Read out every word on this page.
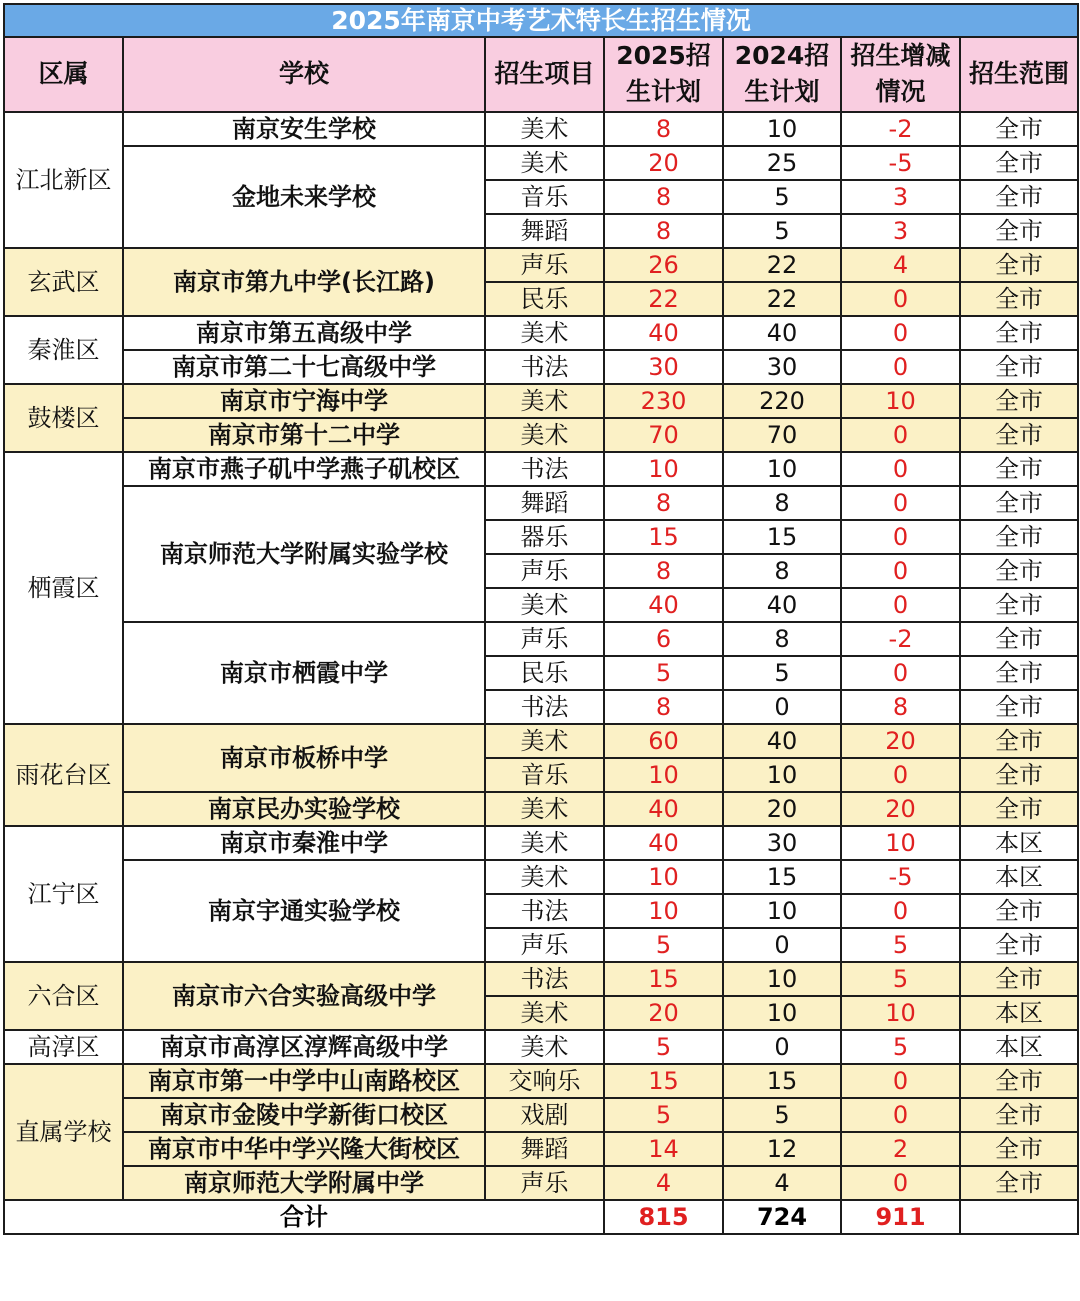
2025年南京中考艺术特长生招生情况						
区属	学校	招生项目	2025招生计划	2024招生计划	招生增减情况	招生范围
江北新区	南京安生学校	美术	8	10	-2	全市
	金地未来学校	美术	20	25	-5	全市
		音乐	8	5	3	全市
		舞蹈	8	5	3	全市
玄武区	南京市第九中学(长江路)	声乐	26	22	4	全市
		民乐	22	22	0	全市
秦淮区	南京市第五高级中学	美术	40	40	0	全市
	南京市第二十七高级中学	书法	30	30	0	全市
鼓楼区	南京市宁海中学	美术	230	220	10	全市
	南京市第十二中学	美术	70	70	0	全市
栖霞区	南京市燕子矶中学燕子矶校区	书法	10	10	0	全市
	南京师范大学附属实验学校	舞蹈	8	8	0	全市
		器乐	15	15	0	全市
		声乐	8	8	0	全市
		美术	40	40	0	全市
	南京市栖霞中学	声乐	6	8	-2	全市
		民乐	5	5	0	全市
		书法	8	0	8	全市
雨花台区	南京市板桥中学	美术	60	40	20	全市
		音乐	10	10	0	全市
	南京民办实验学校	美术	40	20	20	全市
江宁区	南京市秦淮中学	美术	40	30	10	本区
	南京宇通实验学校	美术	10	15	-5	本区
		书法	10	10	0	全市
		声乐	5	0	5	全市
六合区	南京市六合实验高级中学	书法	15	10	5	全市
		美术	20	10	10	本区
高淳区	南京市高淳区淳辉高级中学	美术	5	0	5	本区
直属学校	南京市第一中学中山南路校区	交响乐	15	15	0	全市
	南京市金陵中学新街口校区	戏剧	5	5	0	全市
	南京市中华中学兴隆大街校区	舞蹈	14	12	2	全市
	南京师范大学附属中学	声乐	4	4	0	全市
合计			815	724	911	
